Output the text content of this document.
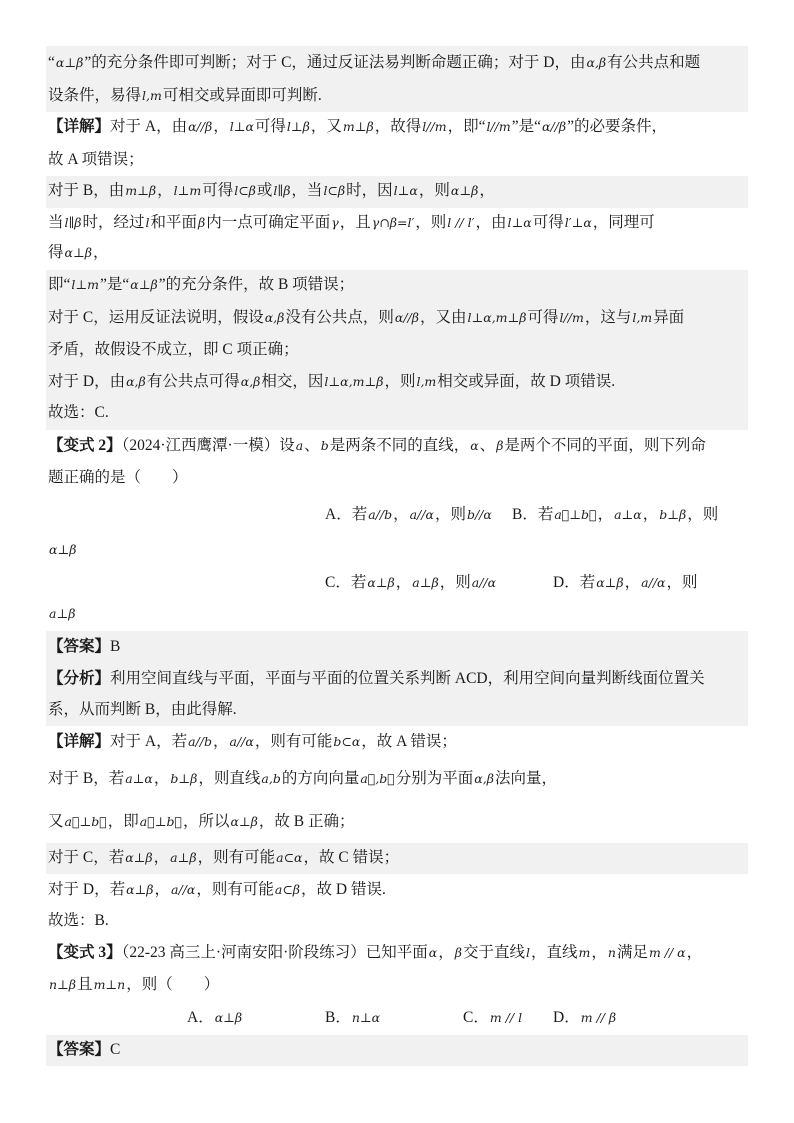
“α⊥β”的充分条件即可判断；对于 C，通过反证法易判断命题正确；对于 D，由α,β有公共点和题
设条件，易得l,m可相交或异面即可判断.
【详解】对于 A，由α//β，l⊥α可得l⊥β，又m⊥β，故得l//m，即“l//m”是“α//β”的必要条件，
故 A 项错误；
对于 B，由m⊥β，l⊥m可得l⊂β或l∥β，当l⊂β时，因l⊥α，则α⊥β，
当l∥β时，经过l和平面β内一点可确定平面γ，且γ∩β=l′，则l // l′，由l⊥α可得l′⊥α，同理可
得α⊥β，
即“l⊥m”是“α⊥β”的充分条件，故 B 项错误；
对于 C，运用反证法说明，假设α,β没有公共点，则α//β，又由l⊥α,m⊥β可得l//m，这与l,m异面
矛盾，故假设不成立，即 C 项正确；
对于 D，由α,β有公共点可得α,β相交，因l⊥α,m⊥β，则l,m相交或异面，故 D 项错误.
故选：C.
【变式 2】（2024·江西鹰潭·一模）设a、b是两条不同的直线，α、β是两个不同的平面，则下列命
题正确的是（　　）
A．若a//b，a//α，则b//α B．若a⃗⊥b⃗，a⊥α，b⊥β，则
α⊥β
C．若α⊥β，a⊥β，则a//α	D．若α⊥β，a//α，则
a⊥β
【答案】B
【分析】利用空间直线与平面，平面与平面的位置关系判断 ACD，利用空间向量判断线面位置关
系，从而判断 B，由此得解.
【详解】对于 A，若a//b，a//α，则有可能b⊂α，故 A 错误；
对于 B，若a⊥α，b⊥β，则直线a,b的方向向量a⃗,b⃗分别为平面α,β法向量，
又a⃗⊥b⃗，即a⃗⊥b⃗，所以α⊥β，故 B 正确；
对于 C，若α⊥β，a⊥β，则有可能a⊂α，故 C 错误；
对于 D，若α⊥β，a//α，则有可能a⊂β，故 D 错误.
故选：B.
【变式 3】（22-23 高三上·河南安阳·阶段练习）已知平面α，β交于直线l，直线m，n满足m // α，
n⊥β且m⊥n，则（　　）
A．α⊥β	B．n⊥α	C．m // l D．m // β
【答案】C
